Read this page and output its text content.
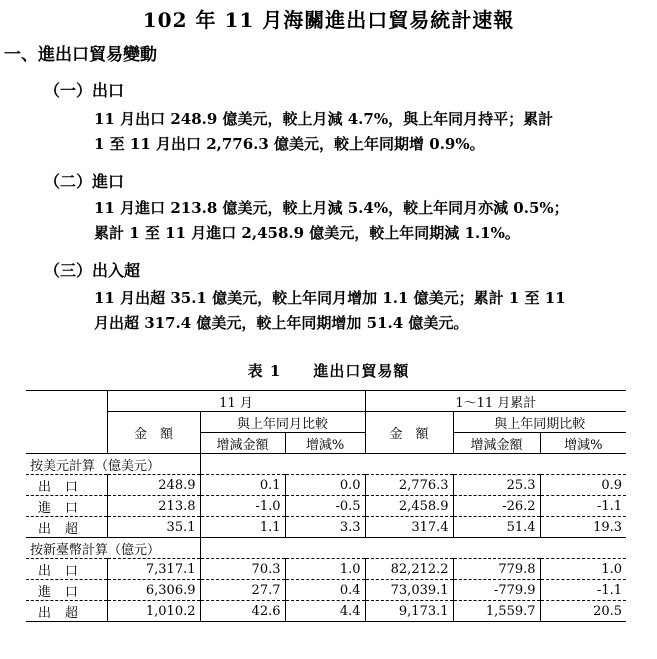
102 年 11 月海關進出口貿易統計速報
一、進出口貿易變動
（一）出口

11 月出口 248.9 億美元，較上月減 4.7%，與上年同月持平；累計

1 至 11 月出口 2,776.3 億美元，較上年同期增 0.9%。

（二）進口

11 月進口 213.8 億美元，較上月減 5.4%，較上年同月亦減 0.5%；

累計 1 至 11 月進口 2,458.9 億美元，較上年同期減 1.1%。

（三）出入超

11 月出超 35.1 億美元，較上年同月增加 1.1 億美元；累計 1 至 11

月出超 317.4 億美元，較上年同期增加 51.4 億美元。

表 1　　進出口貿易額
	11 月			1～11 月累計		
	金　額	與上年同月比較		金　額	與上年同期比較	
		增減金額	增減%		增減金額	增減%
按美元計算（億美元）						
出口	248.9	0.1	0.0	2,776.3	25.3	0.9
進口	213.8	-1.0	-0.5	2,458.9	-26.2	-1.1
出超	35.1	1.1	3.3	317.4	51.4	19.3
按新臺幣計算（億元）						
出口	7,317.1	70.3	1.0	82,212.2	779.8	1.0
進口	6,306.9	27.7	0.4	73,039.1	-779.9	-1.1
出超	1,010.2	42.6	4.4	9,173.1	1,559.7	20.5
